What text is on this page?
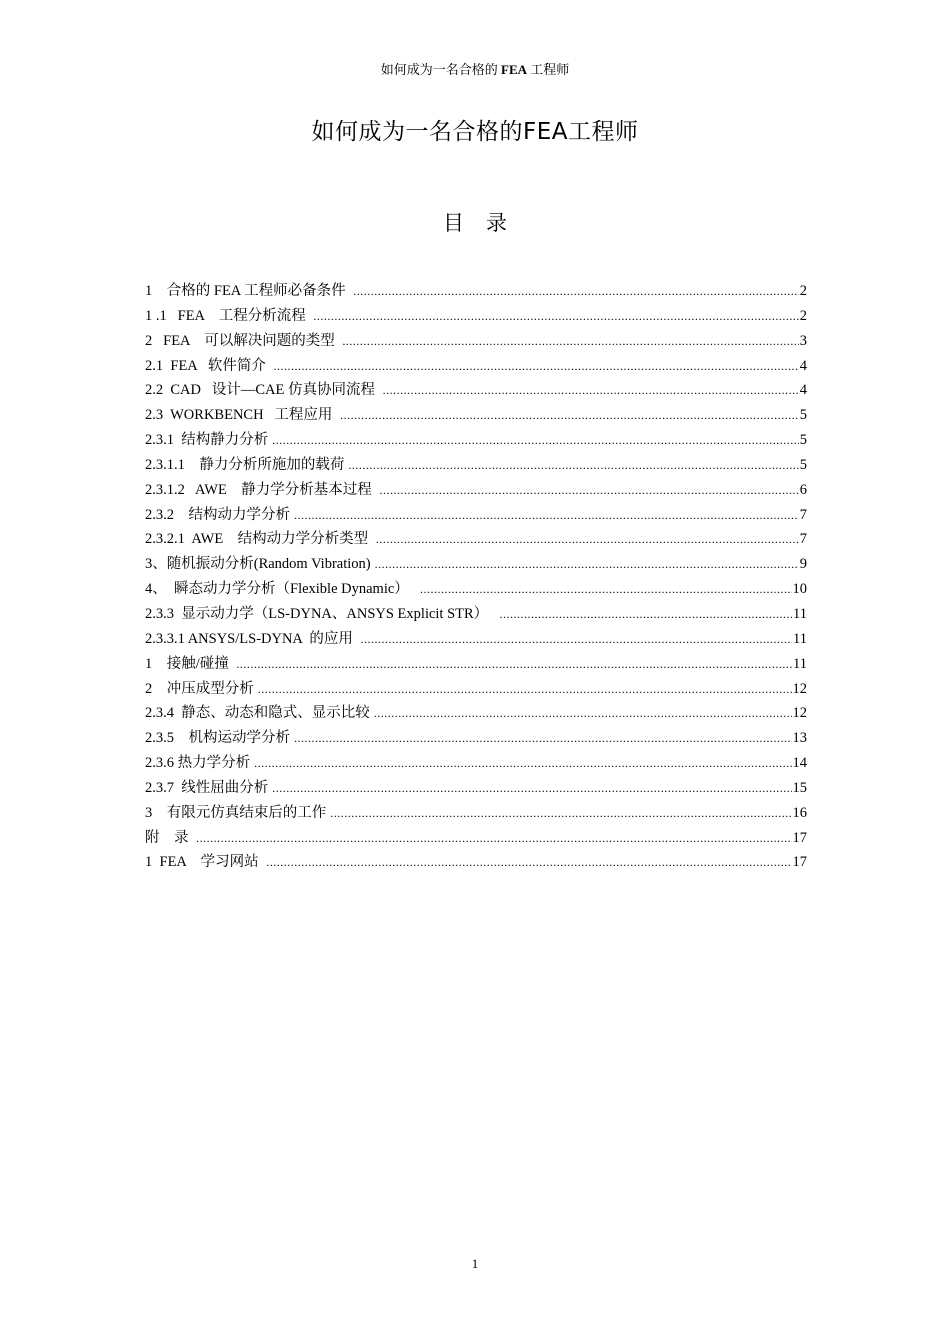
如何成为一名合格的 FEA 工程师
如何成为一名合格的FEA工程师
目录
1    合格的 FEA 工程师必备条件 .....	2
1 .1   FEA    工程分析流程 .....	2
2   FEA    可以解决问题的类型 .....	3
2.1  FEA   软件简介 .....	4
2.2  CAD   设计—CAE 仿真协同流程 .....	4
2.3  WORKBENCH   工程应用 .....	5
2.3.1  结构静力分析 .....	5
2.3.1.1    静力分析所施加的载荷 .....	5
2.3.1.2   AWE    静力学分析基本过程 .....	6
2.3.2    结构动力学分析 .....	7
2.3.2.1  AWE    结构动力学分析类型 .....	7
3、随机振动分析(Random Vibration) .....	9
4、  瞬态动力学分析（Flexible Dynamic） .....	10
2.3.3  显示动力学（LS-DYNA、ANSYS Explicit STR） .....	11
2.3.3.1 ANSYS/LS-DYNA  的应用 .....	11
1    接触/碰撞 .....	11
2    冲压成型分析 .....	12
2.3.4  静态、动态和隐式、显示比较 .....	12
2.3.5    机构运动学分析 .....	13
2.3.6 热力学分析 .....	14
2.3.7  线性屈曲分析 .....	15
3    有限元仿真结束后的工作 .....	16
附    录 .....	17
1  FEA    学习网站 .....	17
1
